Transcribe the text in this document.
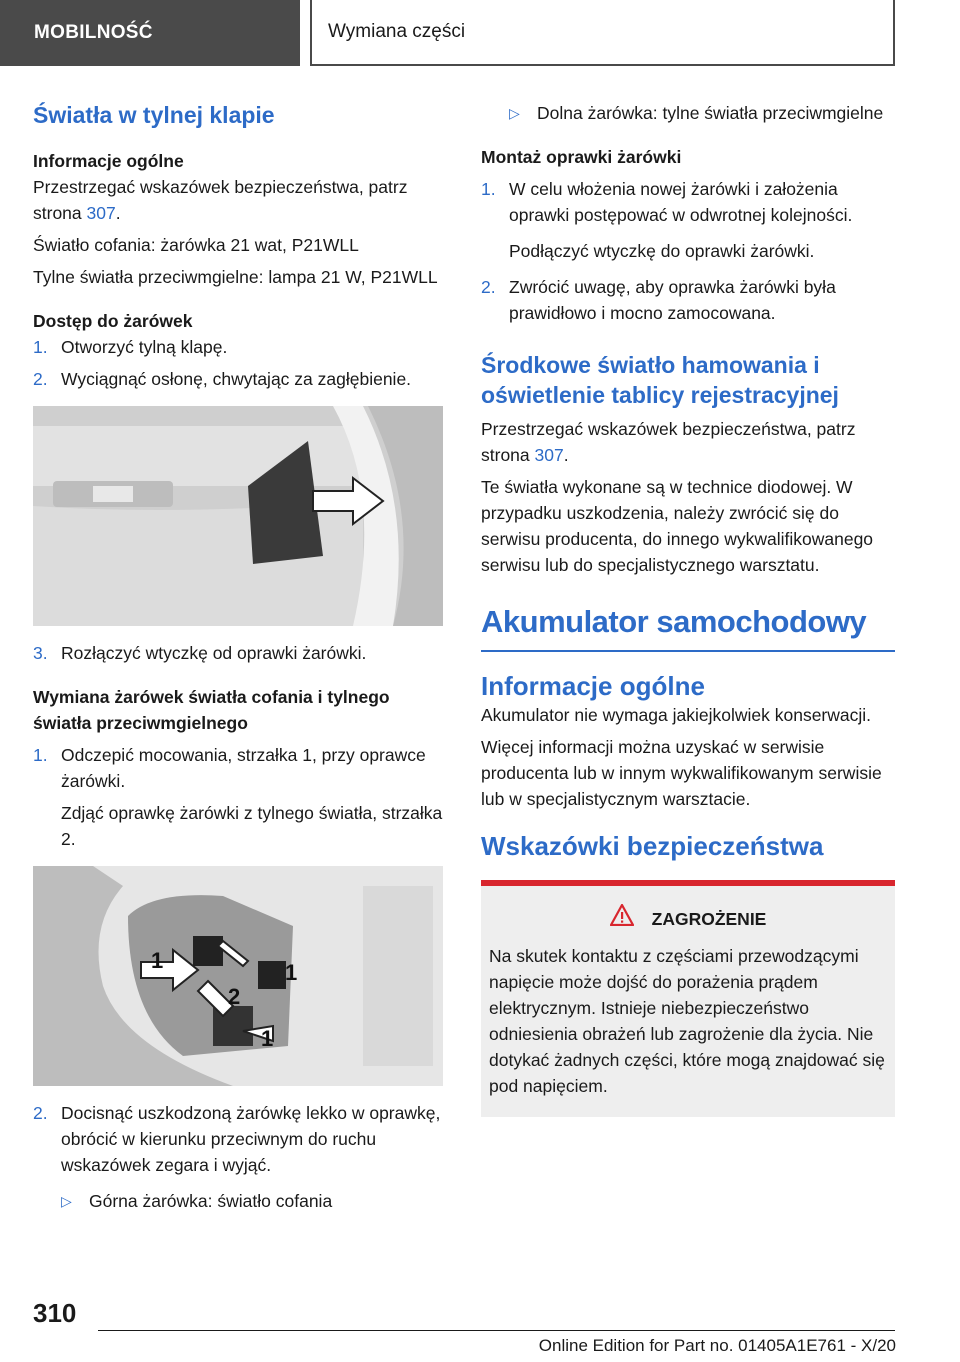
MOBILNOŚĆ	Wymiana części
Światła w tylnej klapie
Informacje ogólne

Przestrzegać wskazówek bezpieczeństwa, patrz strona 307.

Światło cofania: żarówka 21 wat, P21WLL

Tylne światła przeciwmgielne: lampa 21 W, P21WLL

Dostęp do żarówek
1. Otworzyć tylną klapę.
2. Wyciągnąć osłonę, chwytając za zagłębienie.
3. Rozłączyć wtyczkę od oprawki żarówki.
Wymiana żarówek światła cofania i tylnego światła przeciwmgielnego
1. Odczepić mocowania, strzałka 1, przy oprawce żarówki.

Zdjąć oprawkę żarówki z tylnego światła, strzałka 2.

1	1
2
1
2. Docisnąć uszkodzoną żarówkę lekko w oprawkę, obrócić w kierunku przeciwnym do ruchu wskazówek zegara i wyjąć.
▷ Górna żarówka: światło cofania
▷ Dolna żarówka: tylne światła przeciwmgielne
Montaż oprawki żarówki
1. W celu włożenia nowej żarówki i założenia oprawki postępować w odwrotnej kolejności.

Podłączyć wtyczkę do oprawki żarówki.

2. Zwrócić uwagę, aby oprawka żarówki była prawidłowo i mocno zamocowana.
Środkowe światło hamowania i oświetlenie tablicy rejestracyjnej

Przestrzegać wskazówek bezpieczeństwa, patrz strona 307.

Te światła wykonane są w technice diodowej. W przypadku uszkodzenia, należy zwrócić się do serwisu producenta, do innego wykwalifikowanego serwisu lub do specjalistycznego warsztatu.

Akumulator samochodowy
Informacje ogólne

Akumulator nie wymaga jakiejkolwiek konserwacji.

Więcej informacji można uzyskać w serwisie producenta lub w innym wykwalifikowanym serwisie lub w specjalistycznym warsztacie.

Wskazówki bezpieczeństwa
ZAGROŻENIE

Na skutek kontaktu z częściami przewodzącymi napięcie może dojść do porażenia prądem elektrycznym. Istnieje niebezpieczeństwo odniesienia obrażeń lub zagrożenie dla życia. Nie dotykać żadnych części, które mogą znajdować się pod napięciem.

310
Online Edition for Part no. 01405A1E761 - X/20
